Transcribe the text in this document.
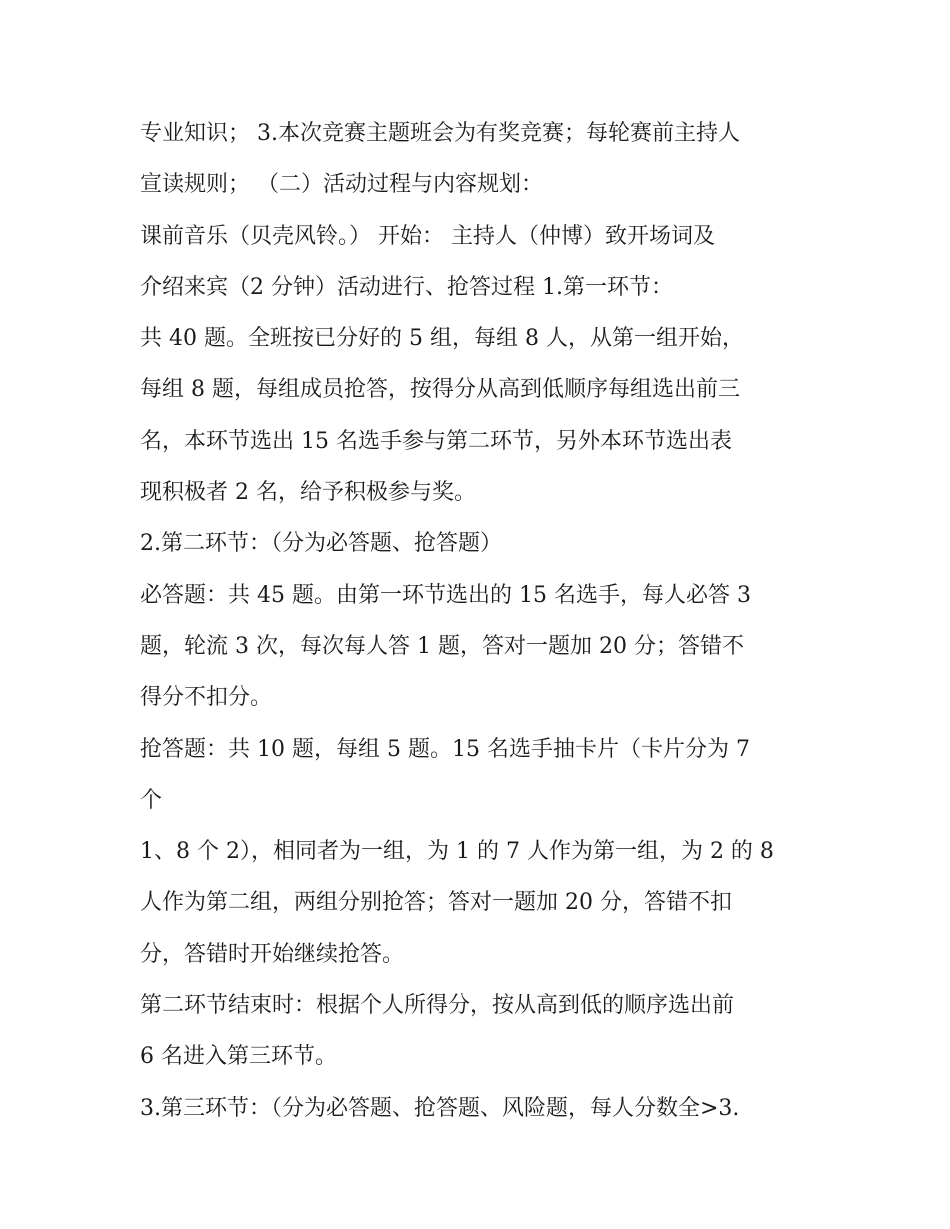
专业知识； 3.本次竞赛主题班会为有奖竞赛；每轮赛前主持人
宣读规则； （二）活动过程与内容规划：
课前音乐（贝壳风铃。） 开始： 主持人（仲博）致开场词及
介绍来宾（2 分钟）活动进行、抢答过程 1.第一环节：
共 40 题。全班按已分好的 5 组，每组 8 人，从第一组开始，
每组 8 题，每组成员抢答，按得分从高到低顺序每组选出前三
名，本环节选出 15 名选手参与第二环节，另外本环节选出表
现积极者 2 名，给予积极参与奖。
2.第二环节：（分为必答题、抢答题）
必答题：共 45 题。由第一环节选出的 15 名选手，每人必答 3
题，轮流 3 次，每次每人答 1 题，答对一题加 20 分；答错不
得分不扣分。
抢答题：共 10 题，每组 5 题。15 名选手抽卡片（卡片分为 7
个
1、8 个 2），相同者为一组，为 1 的 7 人作为第一组，为 2 的 8
人作为第二组，两组分别抢答；答对一题加 20 分，答错不扣
分，答错时开始继续抢答。
第二环节结束时：根据个人所得分，按从高到低的顺序选出前
6 名进入第三环节。
3.第三环节：（分为必答题、抢答题、风险题，每人分数全>3.
